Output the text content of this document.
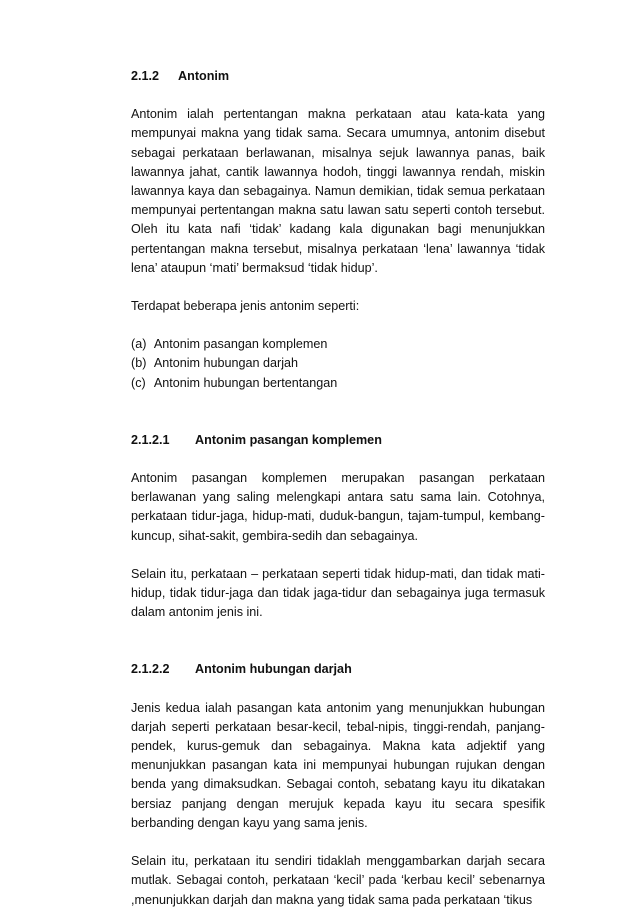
2.1.2 Antonim

Antonim ialah pertentangan makna perkataan atau kata-kata yang mempunyai makna yang tidak sama. Secara umumnya, antonim disebut sebagai perkataan berlawanan, misalnya sejuk lawannya panas, baik lawannya jahat, cantik lawannya hodoh, tinggi lawannya rendah, miskin lawannya kaya dan sebagainya. Namun demikian, tidak semua perkataan mempunyai pertentangan makna satu lawan satu seperti contoh tersebut. Oleh itu kata nafi ‘tidak’ kadang kala digunakan bagi menunjukkan pertentangan makna tersebut, misalnya perkataan ‘lena’ lawannya ‘tidak lena’ ataupun ‘mati’ bermaksud ‘tidak hidup’.

Terdapat beberapa jenis antonim seperti:

(a) Antonim pasangan komplemen
(b) Antonim hubungan darjah
(c) Antonim hubungan bertentangan
2.1.2.1 Antonim pasangan komplemen

Antonim pasangan komplemen merupakan pasangan perkataan berlawanan yang saling melengkapi antara satu sama lain. Cotohnya, perkataan tidur-jaga, hidup-mati, duduk-bangun, tajam-tumpul, kembang-kuncup, sihat-sakit, gembira-sedih dan sebagainya.

Selain itu, perkataan – perkataan seperti tidak hidup-mati, dan tidak mati-hidup, tidak tidur-jaga dan tidak jaga-tidur dan sebagainya juga termasuk dalam antonim jenis ini.

2.1.2.2 Antonim hubungan darjah

Jenis kedua ialah pasangan kata antonim yang menunjukkan hubungan darjah seperti perkataan besar-kecil, tebal-nipis, tinggi-rendah, panjang-pendek, kurus-gemuk dan sebagainya. Makna kata adjektif yang menunjukkan pasangan kata ini mempunyai hubungan rujukan dengan benda yang dimaksudkan. Sebagai contoh, sebatang kayu itu dikatakan bersiaz panjang dengan merujuk kepada kayu itu secara spesifik berbanding dengan kayu yang sama jenis.

Selain itu, perkataan itu sendiri tidaklah menggambarkan darjah secara mutlak. Sebagai contoh, perkataan ‘kecil’ pada ‘kerbau kecil’ sebenarnya ,menunjukkan darjah dan makna yang tidak sama pada perkataan ‘tikus
